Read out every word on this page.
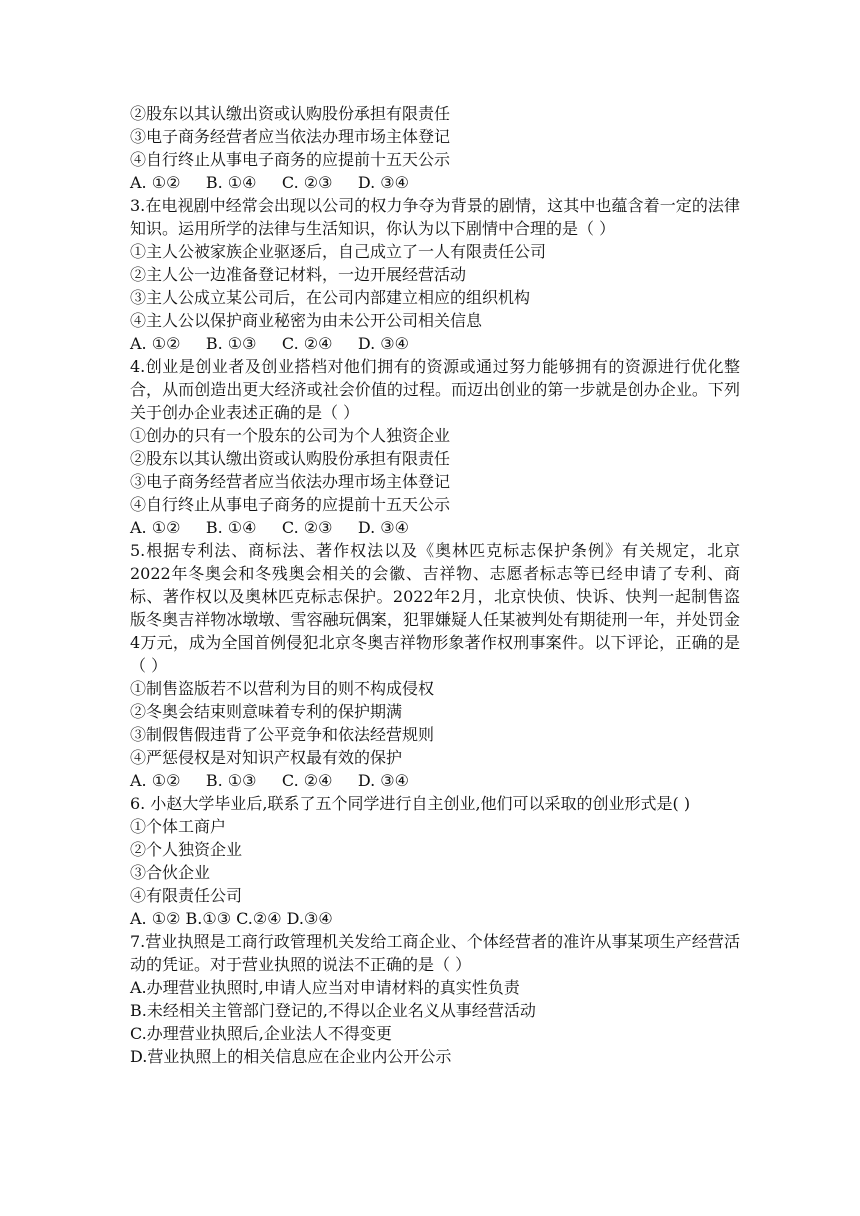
②股东以其认缴出资或认购股份承担有限责任
③电子商务经营者应当依法办理市场主体登记
④自行终止从事电子商务的应提前十五天公示
A. ①②     B. ①④     C. ②③     D. ③④
3.在电视剧中经常会出现以公司的权力争夺为背景的剧情，这其中也蕴含着一定的法律知识。运用所学的法律与生活知识，你认为以下剧情中合理的是（ ）
①主人公被家族企业驱逐后，自己成立了一人有限责任公司
②主人公一边准备登记材料，一边开展经营活动
③主人公成立某公司后，在公司内部建立相应的组织机构
④主人公以保护商业秘密为由未公开公司相关信息
A. ①②     B. ①③     C. ②④     D. ③④
4.创业是创业者及创业搭档对他们拥有的资源或通过努力能够拥有的资源进行优化整合，从而创造出更大经济或社会价值的过程。而迈出创业的第一步就是创办企业。下列关于创办企业表述正确的是（ ）
①创办的只有一个股东的公司为个人独资企业
②股东以其认缴出资或认购股份承担有限责任
③电子商务经营者应当依法办理市场主体登记
④自行终止从事电子商务的应提前十五天公示
A. ①②     B. ①④     C. ②③     D. ③④
5.根据专利法、商标法、著作权法以及《奥林匹克标志保护条例》有关规定，北京2022年冬奥会和冬残奥会相关的会徽、吉祥物、志愿者标志等已经申请了专利、商标、著作权以及奥林匹克标志保护。2022年2月，北京快侦、快诉、快判一起制售盗版冬奥吉祥物冰墩墩、雪容融玩偶案，犯罪嫌疑人任某被判处有期徒刑一年，并处罚金4万元，成为全国首例侵犯北京冬奥吉祥物形象著作权刑事案件。以下评论，正确的是（ ）
①制售盗版若不以营利为目的则不构成侵权
②冬奥会结束则意味着专利的保护期满
③制假售假违背了公平竞争和依法经营规则
④严惩侵权是对知识产权最有效的保护
A. ①②     B. ①③     C. ②④     D. ③④
6. 小赵大学毕业后,联系了五个同学进行自主创业,他们可以采取的创业形式是( )
①个体工商户
②个人独资企业
③合伙企业
④有限责任公司
A. ①② B.①③ C.②④ D.③④
7.营业执照是工商行政管理机关发给工商企业、个体经营者的准许从事某项生产经营活动的凭证。对于营业执照的说法不正确的是（ ）
A.办理营业执照时,申请人应当对申请材料的真实性负责
B.未经相关主管部门登记的,不得以企业名义从事经营活动
C.办理营业执照后,企业法人不得变更
D.营业执照上的相关信息应在企业内公开公示
